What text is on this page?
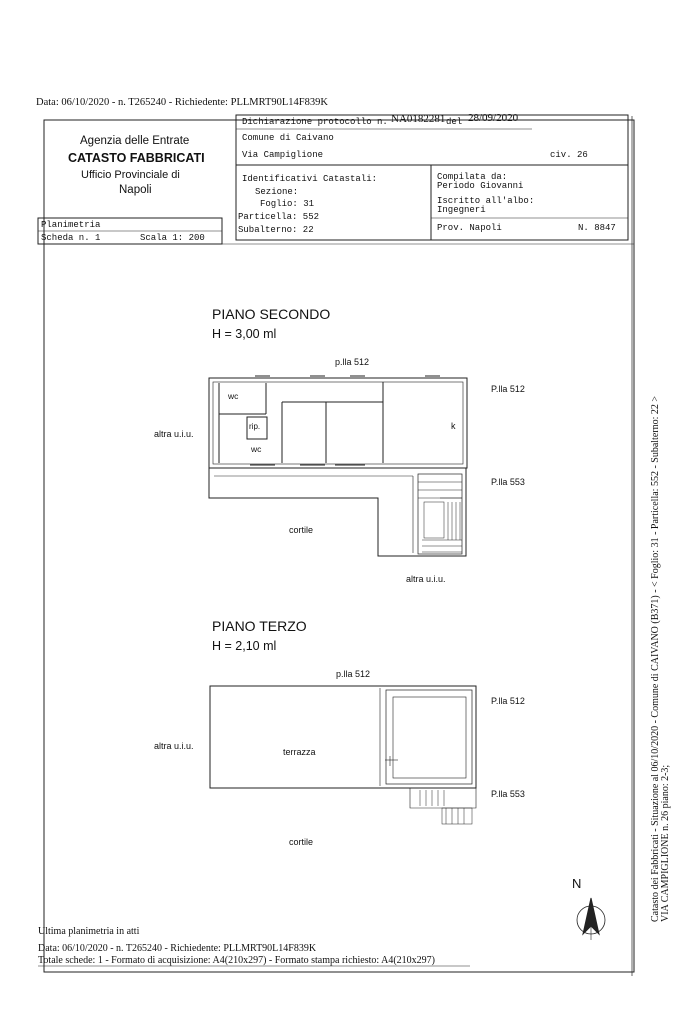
Data: 06/10/2020 - n. T265240 - Richiedente: PLLMRT90L14F839K
Agenzia delle Entrate
CATASTO FABBRICATI
Ufficio Provinciale di
Napoli
Dichiarazione protocollo n. NA0182281 del 28/09/2020
Comune di Caivano
Via Campiglione	civ. 26
Identificativi Catastali:
Sezione:
Foglio: 31
Particella: 552
Subalterno: 22
Compilata da:
Periodo Giovanni
Iscritto all'albo:
Ingegneri
Prov. Napoli	N. 8847
Planimetria
Scheda n. 1	Scala 1: 200
PIANO SECONDO
H = 3,00 ml
p.lla 512
P.lla 512
P.lla 553
altra u.i.u.
altra u.i.u.
cortile
wc
wc
rip.	k
PIANO TERZO
H = 2,10 ml
p.lla 512
P.lla 512
P.lla 553
altra u.i.u.
terrazza
cortile
N	Catasto dei Fabbricati - Situazione al 06/10/2020 - Comune di CAIVANO (B371) - < Foglio: 31 - Particella: 552 - Subalterno: 22 > VIA CAMPIGLIONE n. 26 piano: 2-3;
Ultima planimetria in atti
Data: 06/10/2020 - n. T265240 - Richiedente: PLLMRT90L14F839K
Totale schede: 1 - Formato di acquisizione: A4(210x297) - Formato stampa richiesto: A4(210x297)
